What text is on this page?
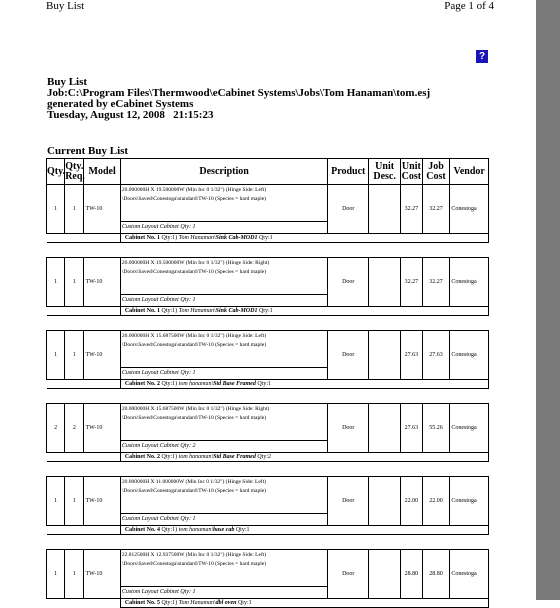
Buy List	Page 1 of 4
?
Buy List
Job:C:\Program Files\Thermwood\eCabinet Systems\Jobs\Tom Hanaman\tom.esj
generated by eCabinet Systems
Tuesday, August 12, 2008   21:15:23
Current Buy List
Qty.	Qty. Req.	Model	Description	Product	Unit Desc.	Unit Cost	Job Cost	Vendor
1	1	TW-10	20.000000H X 19.500000W (Min Inc 0 1/32") (Hinge Side: Left) \Doors\Saved\Conestoga\standard\TW-10 (Species = hard maple)
Custom Layout Cabinet Qty: 1	Door		32.27	32.27	Conestoga
			Cabinet No. 1 Qty:1) Tom Hanaman\Sink Cab-MOD1 Qty:1					

1	1	TW-10	20.000000H X 19.500000W (Min Inc 0 1/32") (Hinge Side: Right) \Doors\Saved\Conestoga\standard\TW-10 (Species = hard maple)
Custom Layout Cabinet Qty: 1	Door		32.27	32.27	Conestoga
			Cabinet No. 1 Qty:1) Tom Hanaman\Sink Cab-MOD1 Qty:1					

1	1	TW-10	20.000000H X 15.687500W (Min Inc 0 1/32") (Hinge Side: Left) \Doors\Saved\Conestoga\standard\TW-10 (Species = hard maple)
Custom Layout Cabinet Qty: 1	Door		27.63	27.63	Conestoga
			Cabinet No. 2 Qty:1) tom hanaman\Std Base Framed Qty:1					

2	2	TW-10	20.000000H X 15.687500W (Min Inc 0 1/32") (Hinge Side: Right) \Doors\Saved\Conestoga\standard\TW-10 (Species = hard maple)
Custom Layout Cabinet Qty: 2	Door		27.63	55.26	Conestoga
			Cabinet No. 2 Qty:1) tom hanaman\Std Base Framed Qty:2					

1	1	TW-10	20.000000H X 11.000000W (Min Inc 0 1/32") (Hinge Side: Left) \Doors\Saved\Conestoga\standard\TW-10 (Species = hard maple)
Custom Layout Cabinet Qty: 1	Door		22.00	22.00	Conestoga
			Cabinet No. 4 Qty:1) tom hanaman\base cab Qty:1					

1	1	TW-10	22.812500H X 12.937500W (Min Inc 0 1/32") (Hinge Side: Left) \Doors\Saved\Conestoga\standard\TW-10 (Species = hard maple)
Custom Layout Cabinet Qty: 1	Door		28.80	28.80	Conestoga
			Cabinet No. 5 Qty:1) Tom Hanaman\dbl oven Qty:1					
